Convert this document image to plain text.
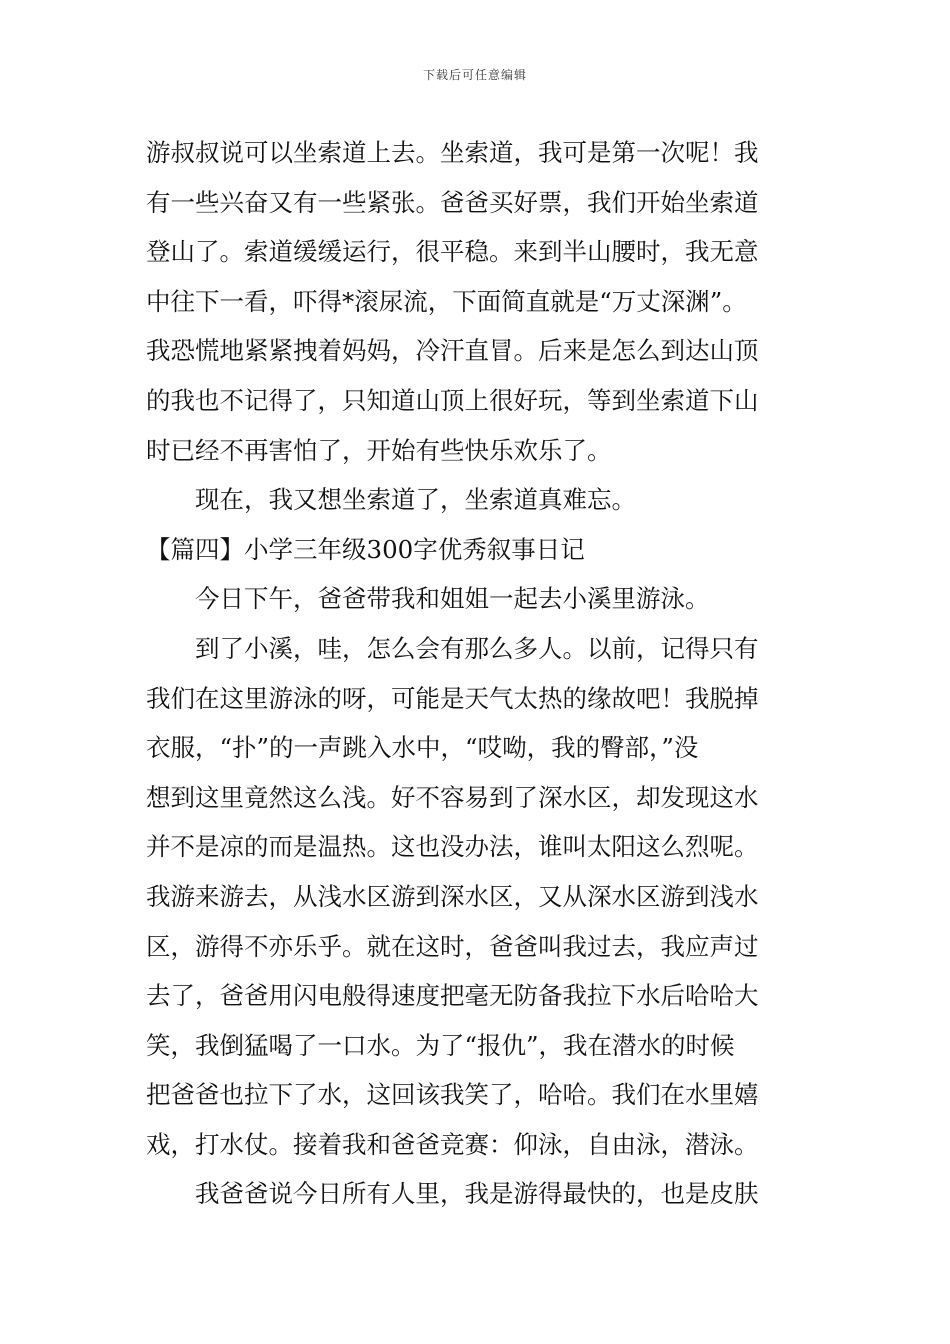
下载后可任意编辑
游叔叔说可以坐索道上去。坐索道，我可是第一次呢！我
有一些兴奋又有一些紧张。爸爸买好票，我们开始坐索道
登山了。索道缓缓运行，很平稳。来到半山腰时，我无意
中往下一看，吓得*滚尿流，下面简直就是“万丈深渊”。
我恐慌地紧紧拽着妈妈，冷汗直冒。后来是怎么到达山顶
的我也不记得了，只知道山顶上很好玩，等到坐索道下山
时已经不再害怕了，开始有些快乐欢乐了。
现在，我又想坐索道了，坐索道真难忘。
【篇四】小学三年级300字优秀叙事日记
今日下午，爸爸带我和姐姐一起去小溪里游泳。
到了小溪，哇，怎么会有那么多人。以前，记得只有
我们在这里游泳的呀，可能是天气太热的缘故吧！我脱掉
衣服，“扑”的一声跳入水中，“哎呦，我的臀部，”没
想到这里竟然这么浅。好不容易到了深水区，却发现这水
并不是凉的而是温热。这也没办法，谁叫太阳这么烈呢。
我游来游去，从浅水区游到深水区，又从深水区游到浅水
区，游得不亦乐乎。就在这时，爸爸叫我过去，我应声过
去了，爸爸用闪电般得速度把毫无防备我拉下水后哈哈大
笑，我倒猛喝了一口水。为了“报仇”，我在潜水的时候
把爸爸也拉下了水，这回该我笑了，哈哈。我们在水里嬉
戏，打水仗。接着我和爸爸竞赛：仰泳，自由泳，潜泳。
我爸爸说今日所有人里，我是游得最快的，也是皮肤
